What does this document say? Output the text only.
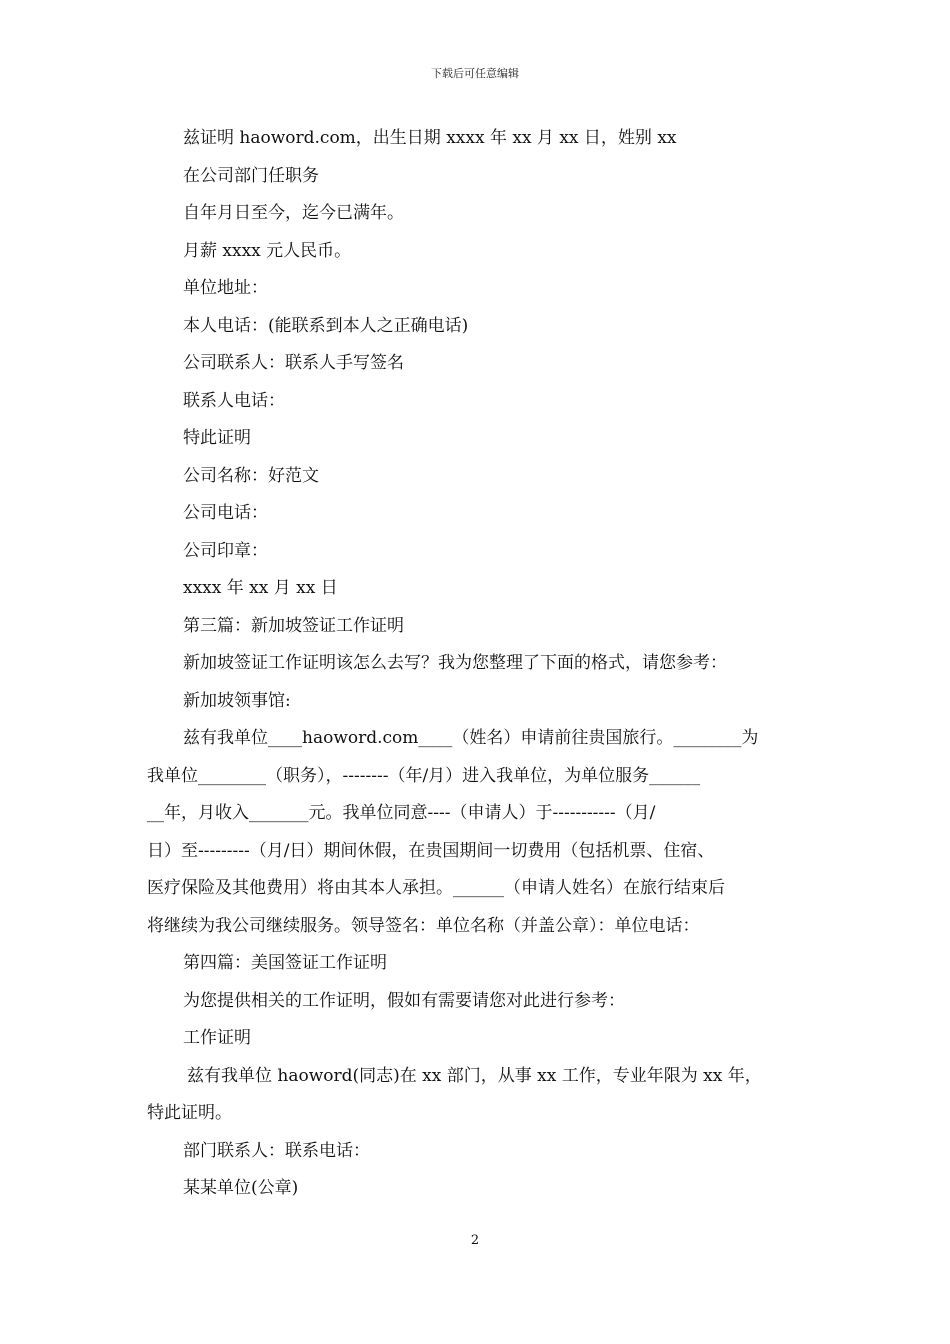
下载后可任意编辑

兹证明 haoword.com，出生日期 xxxx 年 xx 月 xx 日，姓别 xx

在公司部门任职务

自年月日至今，迄今已满年。

月薪 xxxx 元人民币。

单位地址：

本人电话：(能联系到本人之正确电话)

公司联系人：联系人手写签名

联系人电话：

特此证明

公司名称：好范文

公司电话：

公司印章：

xxxx 年 xx 月 xx 日

第三篇：新加坡签证工作证明

新加坡签证工作证明该怎么去写？我为您整理了下面的格式，请您参考：

新加坡领事馆:

兹有我单位____haoword.com____（姓名）申请前往贵国旅行。________为

我单位________（职务），--------（年/月）进入我单位，为单位服务______

__年，月收入_______元。我单位同意----（申请人）于-----------（月/

日）至---------（月/日）期间休假，在贵国期间一切费用（包括机票、住宿、

医疗保险及其他费用）将由其本人承担。______（申请人姓名）在旅行结束后

将继续为我公司继续服务。领导签名：单位名称（并盖公章）：单位电话：

第四篇：美国签证工作证明

为您提供相关的工作证明，假如有需要请您对此进行参考：

工作证明

兹有我单位 haoword(同志)在 xx 部门，从事 xx 工作，专业年限为 xx 年，

特此证明。

部门联系人：联系电话：

某某单位(公章)

2
